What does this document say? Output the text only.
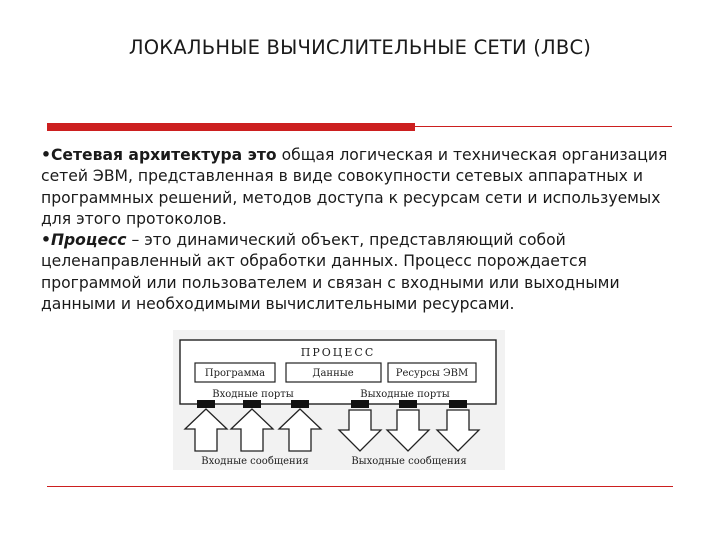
ЛОКАЛЬНЫЕ ВЫЧИСЛИТЕЛЬНЫЕ СЕТИ (ЛВС)

•Сетевая архитектура это общая логическая и техническая организация сетей ЭВМ, представленная в виде совокупности сетевых аппаратных и программных решений, методов доступа к ресурсам сети и используемых для этого протоколов.

•Процесс – это динамический объект, представляющий собой целенаправленный акт обработки данных. Процесс порождается программой или пользователем и связан с входными или выходными данными и необходимыми вычислительными ресурсами.

ПРОЦЕСС
Программа	Данные	Ресурсы ЭВМ
Входные порты	Выходные порты
Входные сообщения	Выходные сообщения
